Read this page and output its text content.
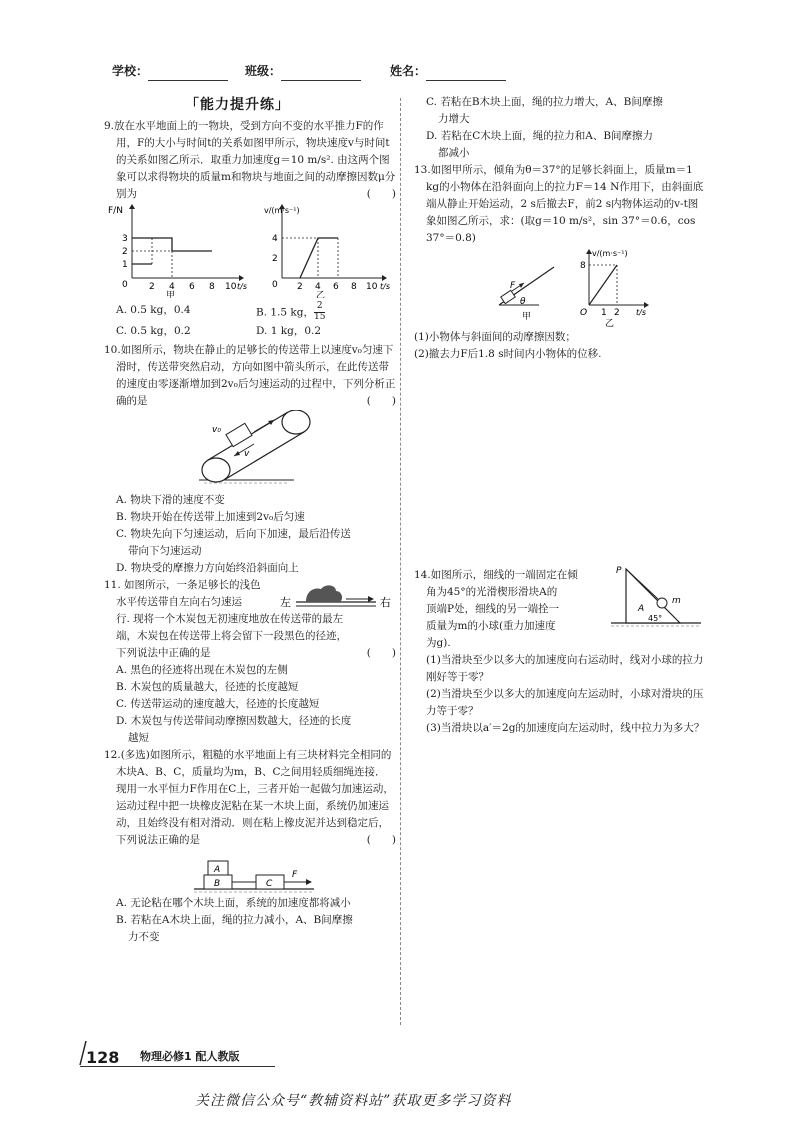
学校：	班级：	姓名：
「能力提升练」

9.放在水平地面上的一物块，受到方向不变的水平推力F的作用，F的大小与时间t的关系如图甲所示，物块速度v与时间t的关系如图乙所示．取重力加速度g＝10 m/s². 由这两个图象可以求得物块的质量m和物块与地面之间的动摩擦因数μ分别为	(　　)

F/N
3
2
1
0 2 4 6 8 10 t/s
甲
v/(m·s⁻¹)
4
2
0 2 4 6 8 10 t/s
乙
A. 0.5 kg，0.4	B. 1.5 kg， $\frac{2}{15}$
C. 0.5 kg，0.2	D. 1 kg，0.2

10.如图所示，物块在静止的足够长的传送带上以速度v₀匀速下滑时，传送带突然启动，方向如图中箭头所示，在此传送带的速度由零逐渐增加到2v₀后匀速运动的过程中，下列分析正确的是	(　　)

v₀
v

A. 物块下滑的速度不变

B. 物块开始在传送带上加速到2v₀后匀速

C. 物块先向下匀速运动，后向下加速，最后沿传送

带向下匀速运动

D. 物块受的摩擦力方向始终沿斜面向上

左	右

11. 如图所示，一条足够长的浅色

水平传送带自左向右匀速运

行. 现将一个木炭包无初速度地放在传送带的最左

端，木炭包在传送带上将会留下一段黑色的径迹，

下列说法中正确的是	(　　)

A. 黑色的径迹将出现在木炭包的左侧

B. 木炭包的质量越大，径迹的长度越短

C. 传送带运动的速度越大，径迹的长度越短

D. 木炭包与传送带间动摩擦因数越大，径迹的长度

越短

12.(多选)如图所示，粗糙的水平地面上有三块材料完全相同的木块A、B、C，质量均为m，B、C之间用轻质细绳连接．现用一水平恒力F作用在C上，三者开始一起做匀加速运动，运动过程中把一块橡皮泥粘在某一木块上面，系统仍加速运动，且始终没有相对滑动．则在粘上橡皮泥并达到稳定后，下列说法正确的是	(　　)

A
B	C
F

A. 无论粘在哪个木块上面，系统的加速度都将减小

B. 若粘在A木块上面，绳的拉力减小，A、B间摩擦

力不变

C. 若粘在B木块上面，绳的拉力增大，A、B间摩擦

力增大

D. 若粘在C木块上面，绳的拉力和A、B间摩擦力

都减小

13.如图甲所示，倾角为θ＝37°的足够长斜面上，质量m＝1 kg的小物体在沿斜面向上的拉力F＝14 N作用下，由斜面底端从静止开始运动，2 s后撤去F，前2 s内物体运动的v-t图象如图乙所示，求：(取g＝10 m/s²，sin 37°＝0.6，cos 37°＝0.8)

F
θ
甲
v/(m·s⁻¹)
8
O 1 2 t/s
乙

(1)小物体与斜面间的动摩擦因数；

(2)撤去力F后1.8 s时间内小物体的位移.

P
A
m
45°

14.如图所示，细线的一端固定在倾

角为45°的光滑楔形滑块A的

顶端P处，细线的另一端拴一

质量为m的小球(重力加速度

为g).

(1)当滑块至少以多大的加速度向右运动时，线对小球的拉力刚好等于零？

(2)当滑块至少以多大的加速度向左运动时，小球对滑块的压力等于零？

(3)当滑块以a′＝2g的加速度向左运动时，线中拉力为多大？

128 物理必修1 配人教版
关注微信公众号“教辅资料站”获取更多学习资料
